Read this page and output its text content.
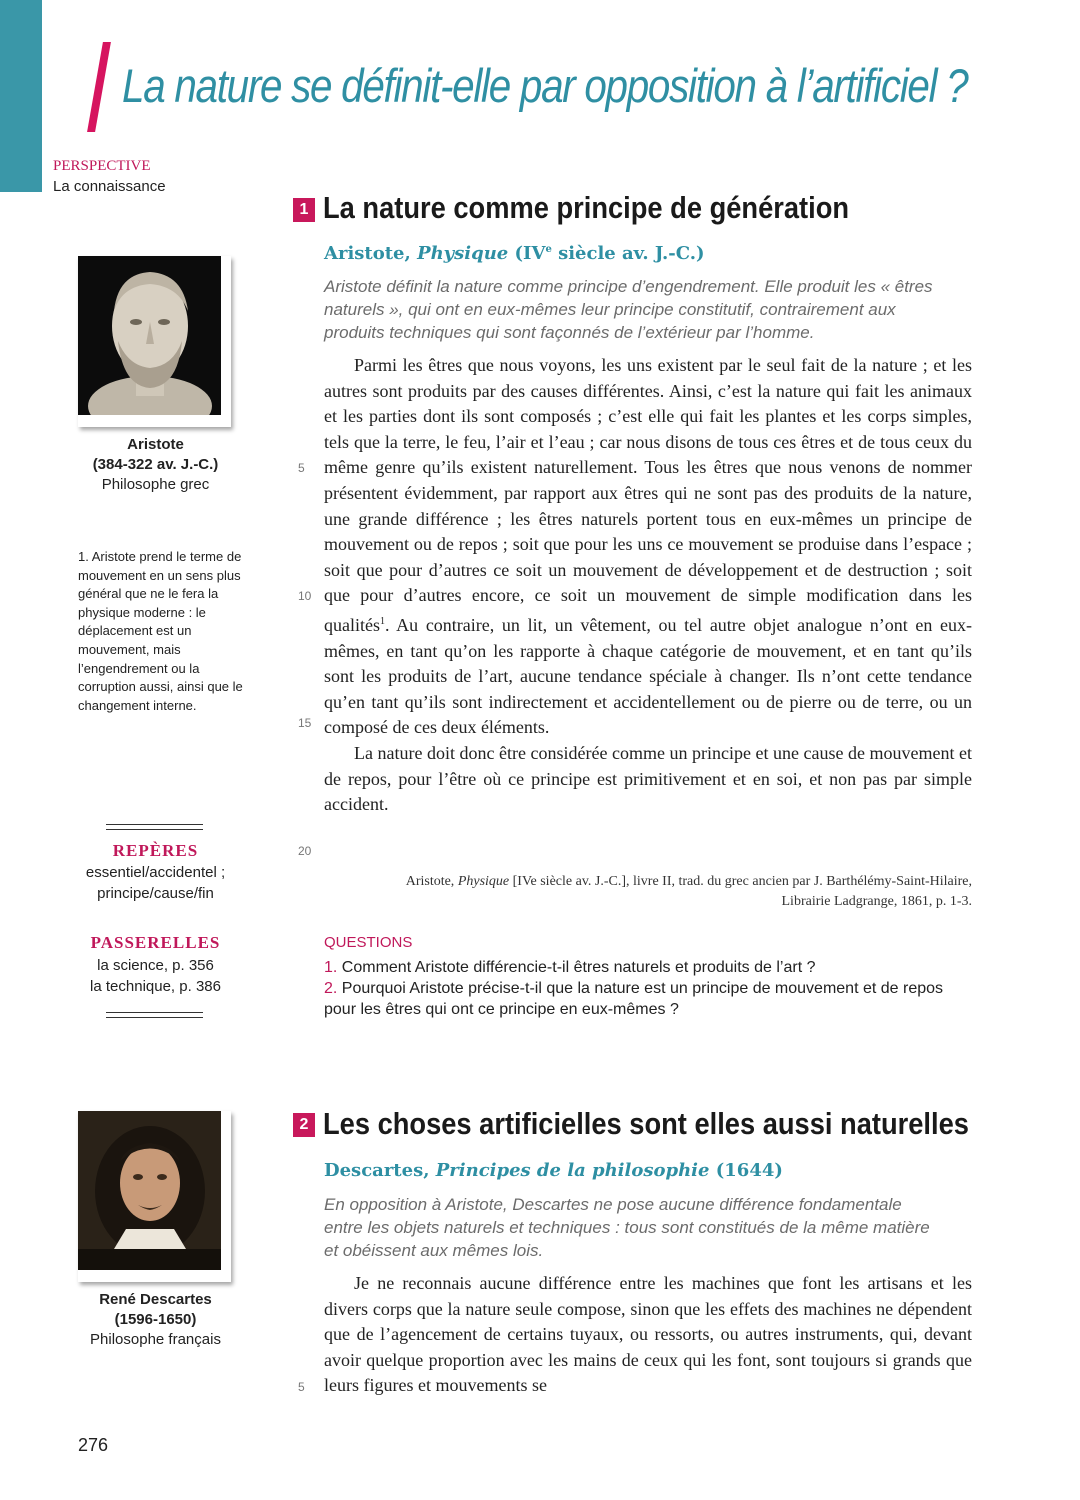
La nature se définit-elle par opposition à l’artificiel ?
PERSPECTIVE
La connaissance
1 La nature comme principe de génération
Aristote, Physique (IVe siècle av. J.-C.)
Aristote définit la nature comme principe d’engendrement. Elle produit les « êtres naturels », qui ont en eux-mêmes leur principe constitutif, contrairement aux produits techniques qui sont façonnés de l’extérieur par l’homme.

Parmi les êtres que nous voyons, les uns existent par le seul fait de la nature ; et les autres sont produits par des causes différentes. Ainsi, c’est la nature qui fait les animaux et les parties dont ils sont composés ; c’est elle qui fait les plantes et les corps simples, tels que la terre, le feu, l’air et l’eau ; car nous disons de tous ces êtres et de tous ceux du même genre qu’ils existent naturellement. Tous les êtres que nous venons de nommer présentent évidemment, par rapport aux êtres qui ne sont pas des produits de la nature, une grande différence ; les êtres naturels portent tous en eux-mêmes un principe de mouvement ou de repos ; soit que pour les uns ce mouvement se produise dans l’espace ; soit que pour d’autres ce soit un mouvement de développement et de destruction ; soit que pour d’autres encore, ce soit un mouvement de simple modification dans les qualités$^1$. Au contraire, un lit, un vêtement, ou tel autre objet analogue n’ont en eux-mêmes, en tant qu’on les rapporte à chaque catégorie de mouvement, et en tant qu’ils sont les produits de l’art, aucune tendance spéciale à changer. Ils n’ont cette tendance qu’en tant qu’ils sont indirectement et accidentellement ou de pierre ou de terre, ou un composé de ces deux éléments.

La nature doit donc être considérée comme un principe et une cause de mouvement et de repos, pour l’être où ce principe est primitivement et en soi, et non pas par simple accident.

5
10
15
20
Aristote, Physique [IVe siècle av. J.-C.], livre II, trad. du grec ancien par J. Barthélémy-Saint-Hilaire,
Librairie Ladgrange, 1861, p. 1-3.
QUESTIONS
1. Comment Aristote différencie-t-il êtres naturels et produits de l’art ?
2. Pourquoi Aristote précise-t-il que la nature est un principe de mouvement et de repos pour les êtres qui ont ce principe en eux-mêmes ?
Aristote
(384-322 av. J.-C.)
Philosophe grec
1. Aristote prend le terme de mouvement en un sens plus général que ne le fera la physique moderne : le déplacement est un mouvement, mais l’engendrement ou la corruption aussi, ainsi que le changement interne.
REPÈRES
essentiel/accidentel ;
principe/cause/fin
PASSERELLES
la science, p. 356
la technique, p. 386
2 Les choses artificielles sont elles aussi naturelles
Descartes, Principes de la philosophie (1644)
En opposition à Aristote, Descartes ne pose aucune différence fondamentale entre les objets naturels et techniques : tous sont constitués de la même matière et obéissent aux mêmes lois.

Je ne reconnais aucune différence entre les machines que font les artisans et les divers corps que la nature seule compose, sinon que les effets des machines ne dépendent que de l’agencement de certains tuyaux, ou ressorts, ou autres instruments, qui, devant avoir quelque proportion avec les mains de ceux qui les font, sont toujours si grands que leurs figures et mouvements se

5
René Descartes
(1596-1650)
Philosophe français
276
